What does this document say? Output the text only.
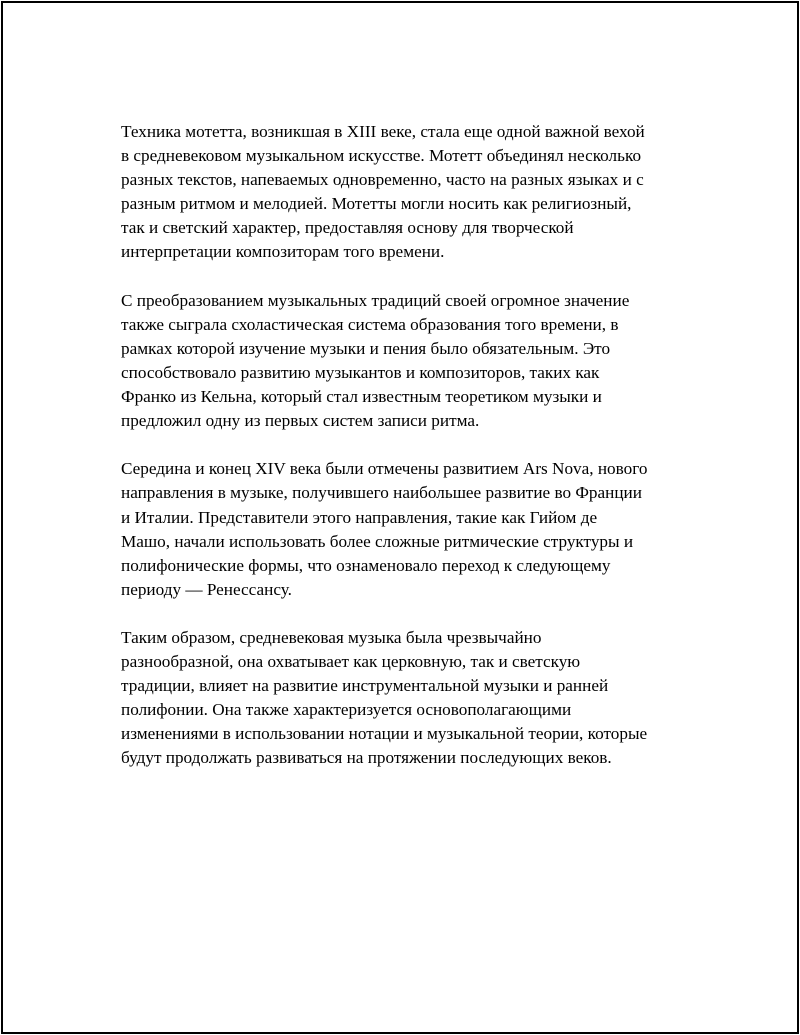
Техника мотетта, возникшая в XIII веке, стала еще одной важной вехой
в средневековом музыкальном искусстве. Мотетт объединял несколько
разных текстов, напеваемых одновременно, часто на разных языках и с
разным ритмом и мелодией. Мотетты могли носить как религиозный,
так и светский характер, предоставляя основу для творческой
интерпретации композиторам того времени.

С преобразованием музыкальных традиций своей огромное значение
также сыграла схоластическая система образования того времени, в
рамках которой изучение музыки и пения было обязательным. Это
способствовало развитию музыкантов и композиторов, таких как
Франко из Кельна, который стал известным теоретиком музыки и
предложил одну из первых систем записи ритма.

Середина и конец XIV века были отмечены развитием Ars Nova, нового
направления в музыке, получившего наибольшее развитие во Франции
и Италии. Представители этого направления, такие как Гийом де
Машо, начали использовать более сложные ритмические структуры и
полифонические формы, что ознаменовало переход к следующему
периоду — Ренессансу.

Таким образом, средневековая музыка была чрезвычайно
разнообразной, она охватывает как церковную, так и светскую
традиции, влияет на развитие инструментальной музыки и ранней
полифонии. Она также характеризуется основополагающими
изменениями в использовании нотации и музыкальной теории, которые
будут продолжать развиваться на протяжении последующих веков.
